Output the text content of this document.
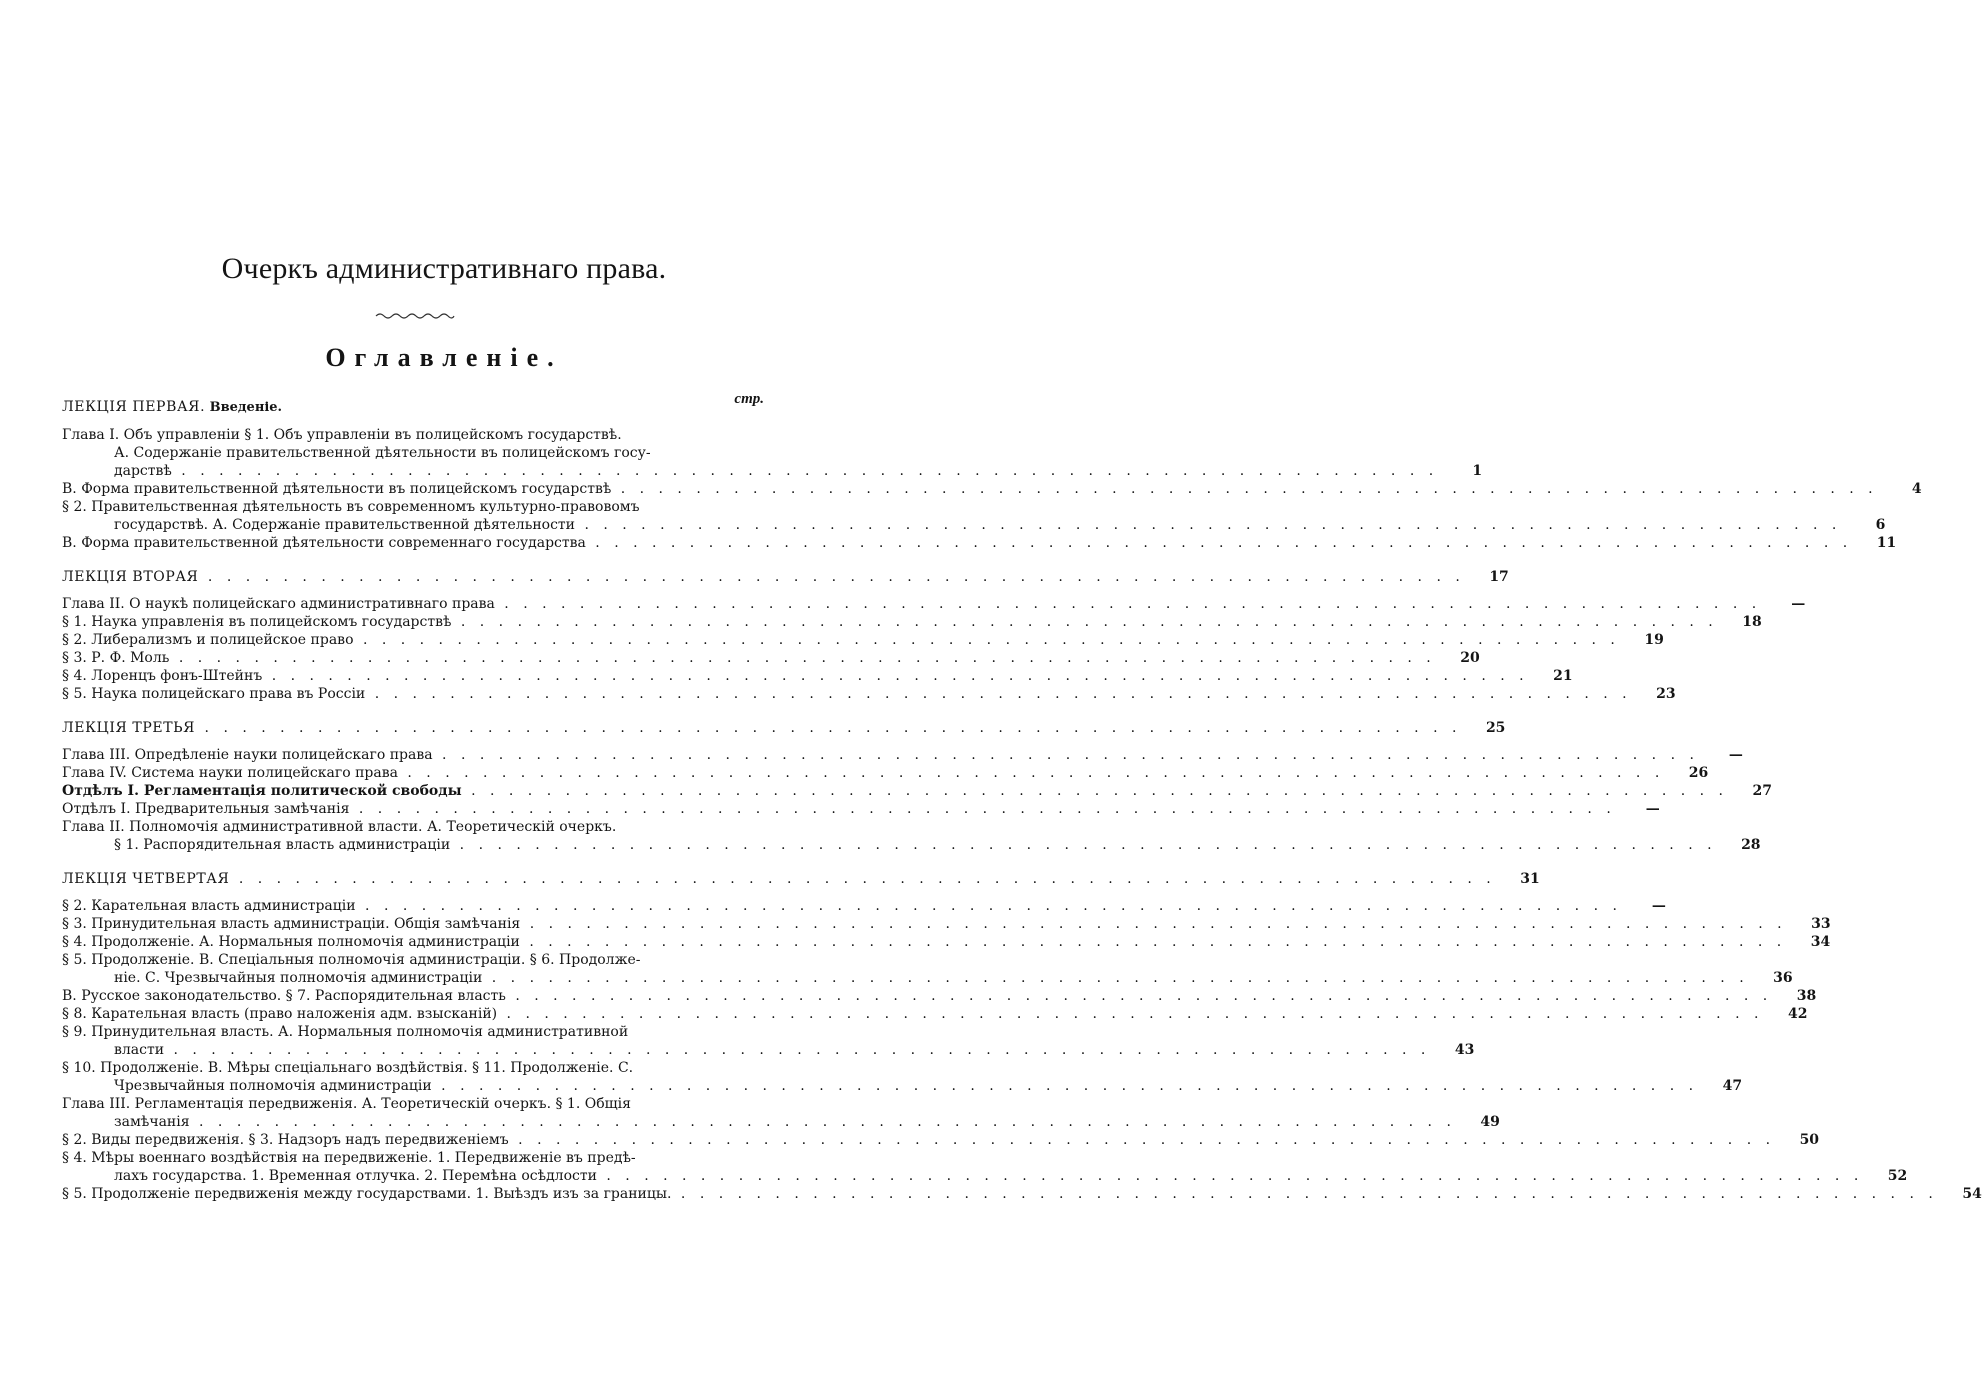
Очеркъ административнаго права.
Оглавленіе.
стр.
ЛЕКЦІЯ ПЕРВАЯ. Введеніе.
Глава I. Объ управленіи § 1. Объ управленіи въ полицейскомъ государствѣ.
А. Содержаніе правительственной дѣятельности въ полицейскомъ госу-
дарствѣ . . . . . . . . . . . . . . . . . . . . . . . . . . . . . . . . . . . . . . . . . . . . . . . . . . . . . . . . . . . . . . . . . . .	1
В. Форма правительственной дѣятельности въ полицейскомъ государствѣ . . . . . . . . . . . . . . . . . . . . . . . . . . . . . . . . . . . . . . . . . . . . . . . . . . . . . . . . . . . . . . . . . . .	4
§ 2. Правительственная дѣятельность въ современномъ культурно-правовомъ
государствѣ. А. Содержаніе правительственной дѣятельности . . . . . . . . . . . . . . . . . . . . . . . . . . . . . . . . . . . . . . . . . . . . . . . . . . . . . . . . . . . . . . . . . . .	6
В. Форма правительственной дѣятельности современнаго государства . . . . . . . . . . . . . . . . . . . . . . . . . . . . . . . . . . . . . . . . . . . . . . . . . . . . . . . . . . . . . . . . . . .	11
ЛЕКЦІЯ ВТОРАЯ . . . . . . . . . . . . . . . . . . . . . . . . . . . . . . . . . . . . . . . . . . . . . . . . . . . . . . . . . . . . . . . . . . .	17
Глава II. О наукѣ полицейскаго административнаго права . . . . . . . . . . . . . . . . . . . . . . . . . . . . . . . . . . . . . . . . . . . . . . . . . . . . . . . . . . . . . . . . . . .	—
§ 1. Наука управленія въ полицейскомъ государствѣ . . . . . . . . . . . . . . . . . . . . . . . . . . . . . . . . . . . . . . . . . . . . . . . . . . . . . . . . . . . . . . . . . . .	18
§ 2. Либерализмъ и полицейское право . . . . . . . . . . . . . . . . . . . . . . . . . . . . . . . . . . . . . . . . . . . . . . . . . . . . . . . . . . . . . . . . . . .	19
§ 3. Р. Ф. Моль . . . . . . . . . . . . . . . . . . . . . . . . . . . . . . . . . . . . . . . . . . . . . . . . . . . . . . . . . . . . . . . . . . .	20
§ 4. Лоренцъ фонъ-Штейнъ . . . . . . . . . . . . . . . . . . . . . . . . . . . . . . . . . . . . . . . . . . . . . . . . . . . . . . . . . . . . . . . . . . .	21
§ 5. Наука полицейскаго права въ Россіи . . . . . . . . . . . . . . . . . . . . . . . . . . . . . . . . . . . . . . . . . . . . . . . . . . . . . . . . . . . . . . . . . . .	23
ЛЕКЦІЯ ТРЕТЬЯ . . . . . . . . . . . . . . . . . . . . . . . . . . . . . . . . . . . . . . . . . . . . . . . . . . . . . . . . . . . . . . . . . . .	25
Глава III. Опредѣленіе науки полицейскаго права . . . . . . . . . . . . . . . . . . . . . . . . . . . . . . . . . . . . . . . . . . . . . . . . . . . . . . . . . . . . . . . . . . .	—
Глава IV. Система науки полицейскаго права . . . . . . . . . . . . . . . . . . . . . . . . . . . . . . . . . . . . . . . . . . . . . . . . . . . . . . . . . . . . . . . . . . .	26
Отдѣлъ I. Регламентація политической свободы . . . . . . . . . . . . . . . . . . . . . . . . . . . . . . . . . . . . . . . . . . . . . . . . . . . . . . . . . . . . . . . . . . .	27
Отдѣлъ I. Предварительныя замѣчанія . . . . . . . . . . . . . . . . . . . . . . . . . . . . . . . . . . . . . . . . . . . . . . . . . . . . . . . . . . . . . . . . . . .	—
Глава II. Полномочія административной власти. А. Теоретическій очеркъ.
§ 1. Распорядительная власть администраціи . . . . . . . . . . . . . . . . . . . . . . . . . . . . . . . . . . . . . . . . . . . . . . . . . . . . . . . . . . . . . . . . . . .	28
ЛЕКЦІЯ ЧЕТВЕРТАЯ . . . . . . . . . . . . . . . . . . . . . . . . . . . . . . . . . . . . . . . . . . . . . . . . . . . . . . . . . . . . . . . . . . .	31
§ 2. Карательная власть администраціи . . . . . . . . . . . . . . . . . . . . . . . . . . . . . . . . . . . . . . . . . . . . . . . . . . . . . . . . . . . . . . . . . . .	—
§ 3. Принудительная власть администраціи. Общія замѣчанія . . . . . . . . . . . . . . . . . . . . . . . . . . . . . . . . . . . . . . . . . . . . . . . . . . . . . . . . . . . . . . . . . . .	33
§ 4. Продолженіе. А. Нормальныя полномочія администраціи . . . . . . . . . . . . . . . . . . . . . . . . . . . . . . . . . . . . . . . . . . . . . . . . . . . . . . . . . . . . . . . . . . .	34
§ 5. Продолженіе. В. Спеціальныя полномочія администраціи. § 6. Продолже-
ніе. С. Чрезвычайныя полномочія администраціи . . . . . . . . . . . . . . . . . . . . . . . . . . . . . . . . . . . . . . . . . . . . . . . . . . . . . . . . . . . . . . . . . . .	36
В. Русское законодательство. § 7. Распорядительная власть . . . . . . . . . . . . . . . . . . . . . . . . . . . . . . . . . . . . . . . . . . . . . . . . . . . . . . . . . . . . . . . . . . .	38
§ 8. Карательная власть (право наложенія адм. взысканій) . . . . . . . . . . . . . . . . . . . . . . . . . . . . . . . . . . . . . . . . . . . . . . . . . . . . . . . . . . . . . . . . . . .	42
§ 9. Принудительная власть. А. Нормальныя полномочія административной
власти . . . . . . . . . . . . . . . . . . . . . . . . . . . . . . . . . . . . . . . . . . . . . . . . . . . . . . . . . . . . . . . . . . .	43
§ 10. Продолженіе. В. Мѣры спеціальнаго воздѣйствія. § 11. Продолженіе. С.
Чрезвычайныя полномочія администраціи . . . . . . . . . . . . . . . . . . . . . . . . . . . . . . . . . . . . . . . . . . . . . . . . . . . . . . . . . . . . . . . . . . .	47
Глава III. Регламентація передвиженія. А. Теоретическій очеркъ. § 1. Общія
замѣчанія . . . . . . . . . . . . . . . . . . . . . . . . . . . . . . . . . . . . . . . . . . . . . . . . . . . . . . . . . . . . . . . . . . .	49
§ 2. Виды передвиженія. § 3. Надзоръ надъ передвиженіемъ . . . . . . . . . . . . . . . . . . . . . . . . . . . . . . . . . . . . . . . . . . . . . . . . . . . . . . . . . . . . . . . . . . .	50
§ 4. Мѣры военнаго воздѣйствія на передвиженіе. 1. Передвиженіе въ предѣ-
лахъ государства. 1. Временная отлучка. 2. Перемѣна осѣдлости . . . . . . . . . . . . . . . . . . . . . . . . . . . . . . . . . . . . . . . . . . . . . . . . . . . . . . . . . . . . . . . . . . .	52
§ 5. Продолженіе передвиженія между государствами. 1. Выѣздъ изъ за границы. . . . . . . . . . . . . . . . . . . . . . . . . . . . . . . . . . . . . . . . . . . . . . . . . . . . . . . . . . . . . . . . . . . .	54
